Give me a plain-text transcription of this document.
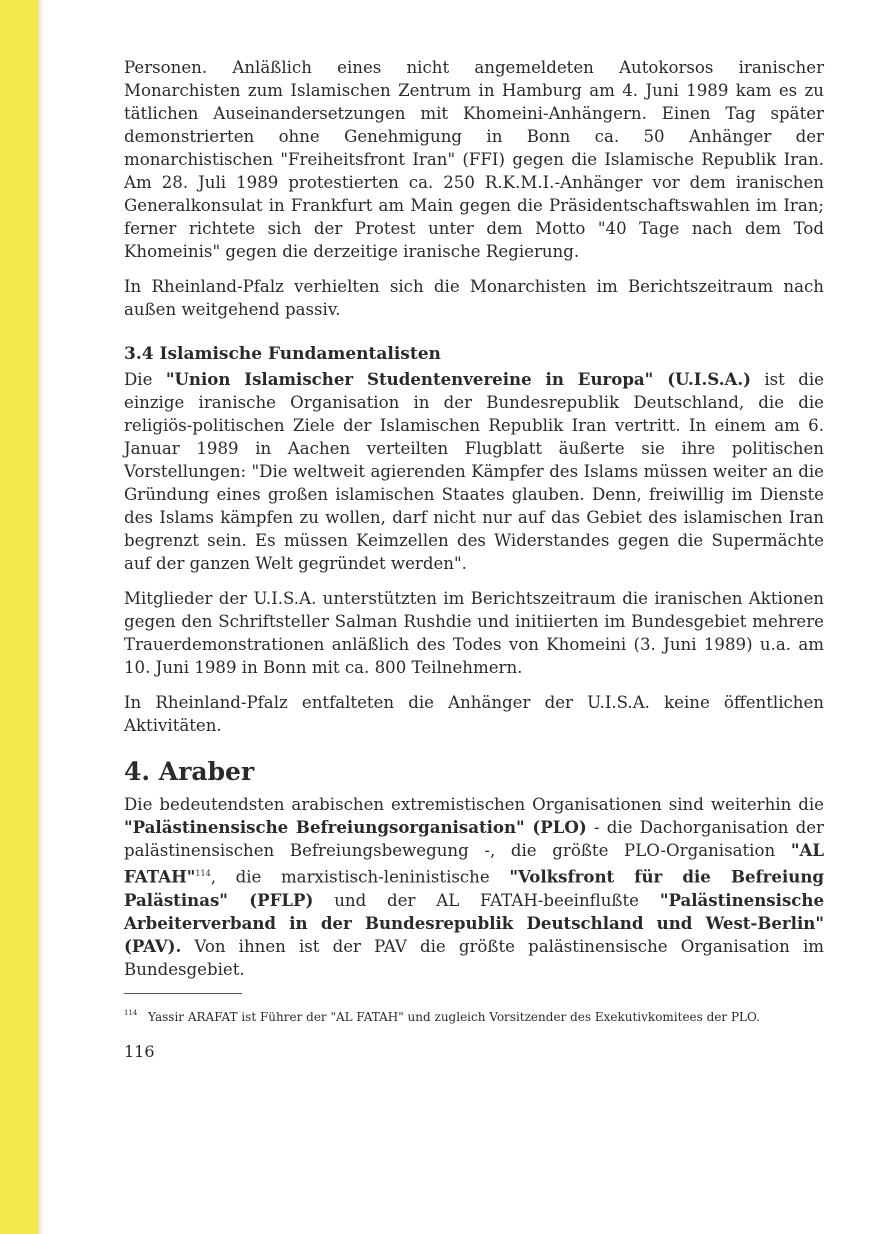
Personen. Anläßlich eines nicht angemeldeten Autokorsos iranischer Monarchisten zum Islamischen Zentrum in Hamburg am 4. Juni 1989 kam es zu tätlichen Auseinandersetzungen mit Khomeini-Anhängern. Einen Tag später demonstrierten ohne Genehmigung in Bonn ca. 50 Anhänger der monarchistischen "Freiheitsfront Iran" (FFI) gegen die Islamische Republik Iran. Am 28. Juli 1989 protestierten ca. 250 R.K.M.I.-Anhänger vor dem iranischen Generalkonsulat in Frankfurt am Main gegen die Präsidentschaftswahlen im Iran; ferner richtete sich der Protest unter dem Motto "40 Tage nach dem Tod Khomeinis" gegen die derzeitige iranische Regierung.

In Rheinland-Pfalz verhielten sich die Monarchisten im Berichtszeitraum nach außen weitgehend passiv.

3.4 Islamische Fundamentalisten

Die "Union Islamischer Studentenvereine in Europa" (U.I.S.A.) ist die einzige iranische Organisation in der Bundesrepublik Deutschland, die die religiös-politischen Ziele der Islamischen Republik Iran vertritt. In einem am 6. Januar 1989 in Aachen verteilten Flugblatt äußerte sie ihre politischen Vorstellungen: "Die weltweit agierenden Kämpfer des Islams müssen weiter an die Gründung eines großen islamischen Staates glauben. Denn, freiwillig im Dienste des Islams kämpfen zu wollen, darf nicht nur auf das Gebiet des islamischen Iran begrenzt sein. Es müssen Keimzellen des Widerstandes gegen die Supermächte auf der ganzen Welt gegründet werden".

Mitglieder der U.I.S.A. unterstützten im Berichtszeitraum die iranischen Aktionen gegen den Schriftsteller Salman Rushdie und initiierten im Bundesgebiet mehrere Trauerdemonstrationen anläßlich des Todes von Khomeini (3. Juni 1989) u.a. am 10. Juni 1989 in Bonn mit ca. 800 Teilnehmern.

In Rheinland-Pfalz entfalteten die Anhänger der U.I.S.A. keine öffentlichen Aktivitäten.

4. Araber

Die bedeutendsten arabischen extremistischen Organisationen sind weiterhin die "Palästinensische Befreiungsorganisation" (PLO) - die Dachorganisation der palästinensischen Befreiungsbewegung -, die größte PLO-Organisation "AL FATAH"$^{114}$, die marxistisch-leninistische "Volksfront für die Befreiung Palästinas" (PFLP) und der AL FATAH-beeinflußte "Palästinensische Arbeiterverband in der Bundesrepublik Deutschland und West-Berlin" (PAV). Von ihnen ist der PAV die größte palästinensische Organisation im Bundesgebiet.

114 Yassir ARAFAT ist Führer der "AL FATAH" und zugleich Vorsitzender des Exekutivkomitees der PLO.
116
